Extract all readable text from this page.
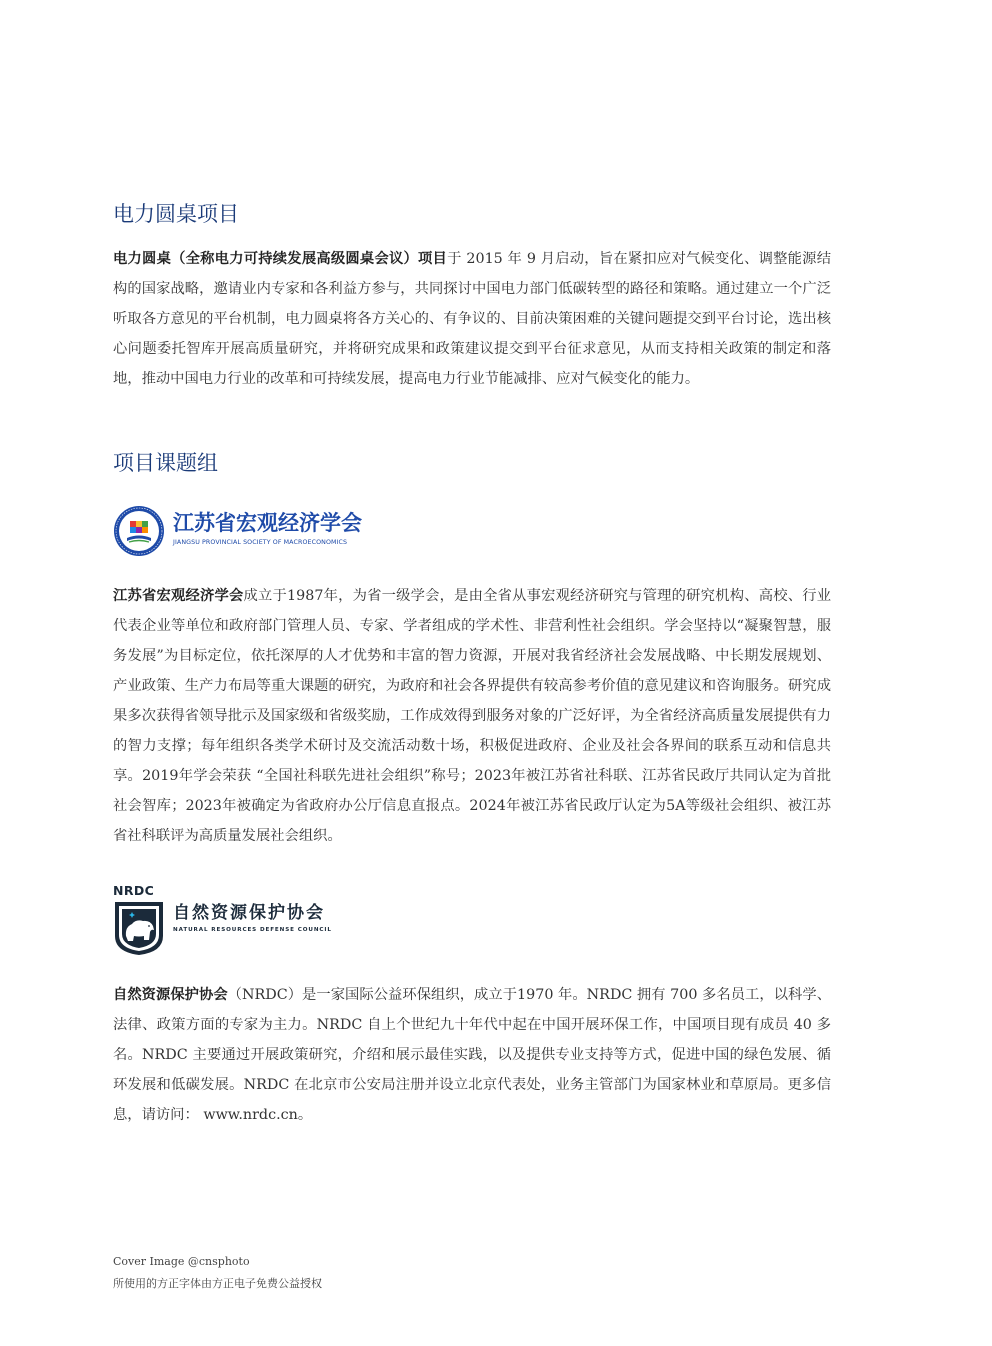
电力圆桌项目

电力圆桌（全称电力可持续发展高级圆桌会议）项目于 2015 年 9 月启动，旨在紧扣应对气候变化、调整能源结构的国家战略，邀请业内专家和各利益方参与，共同探讨中国电力部门低碳转型的路径和策略。通过建立一个广泛听取各方意见的平台机制，电力圆桌将各方关心的、有争议的、目前决策困难的关键问题提交到平台讨论，选出核心问题委托智库开展高质量研究，并将研究成果和政策建议提交到平台征求意见，从而支持相关政策的制定和落地，推动中国电力行业的改革和可持续发展，提高电力行业节能减排、应对气候变化的能力。

项目课题组
江苏省宏观经济学会
JIANGSU PROVINCIAL SOCIETY OF MACROECONOMICS

江苏省宏观经济学会成立于1987年，为省一级学会，是由全省从事宏观经济研究与管理的研究机构、高校、行业代表企业等单位和政府部门管理人员、专家、学者组成的学术性、非营利性社会组织。学会坚持以“凝聚智慧，服务发展”为目标定位，依托深厚的人才优势和丰富的智力资源，开展对我省经济社会发展战略、中长期发展规划、产业政策、生产力布局等重大课题的研究，为政府和社会各界提供有较高参考价值的意见建议和咨询服务。研究成果多次获得省领导批示及国家级和省级奖励，工作成效得到服务对象的广泛好评，为全省经济高质量发展提供有力的智力支撑；每年组织各类学术研讨及交流活动数十场，积极促进政府、企业及社会各界间的联系互动和信息共享。2019年学会荣获 “全国社科联先进社会组织”称号；2023年被江苏省社科联、江苏省民政厅共同认定为首批社会智库；2023年被确定为省政府办公厅信息直报点。2024年被江苏省民政厅认定为5A等级社会组织、被江苏省社科联评为高质量发展社会组织。

NRDC
自然资源保护协会
NATURAL RESOURCES DEFENSE COUNCIL

自然资源保护协会（NRDC）是一家国际公益环保组织，成立于1970 年。NRDC 拥有 700 多名员工，以科学、法律、政策方面的专家为主力。NRDC 自上个世纪九十年代中起在中国开展环保工作，中国项目现有成员 40 多名。NRDC 主要通过开展政策研究，介绍和展示最佳实践，以及提供专业支持等方式，促进中国的绿色发展、循环发展和低碳发展。NRDC 在北京市公安局注册并设立北京代表处，业务主管部门为国家林业和草原局。更多信息，请访问： www.nrdc.cn。

Cover Image @cnsphoto
所使用的方正字体由方正电子免费公益授权
